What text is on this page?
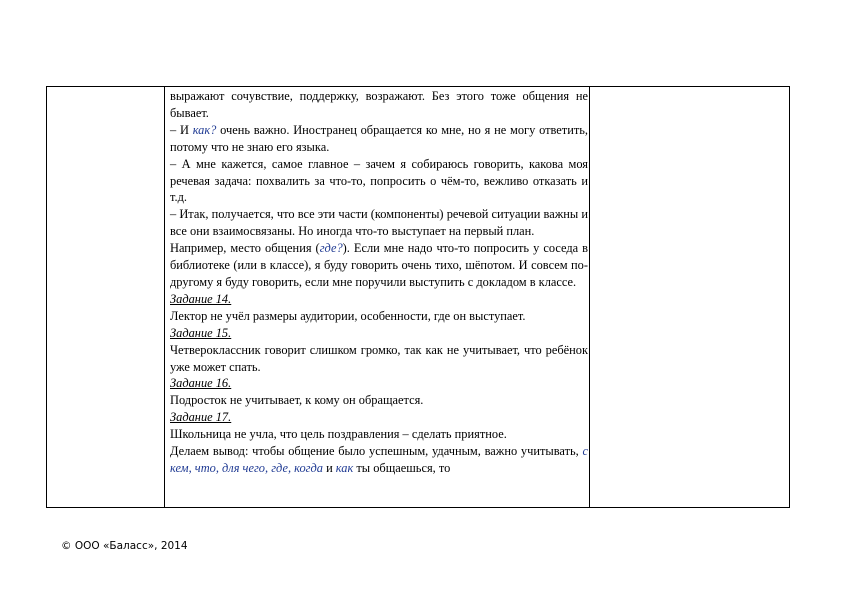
выражают сочувствие, поддержку, возражают. Без этого тоже общения не бывает.

– И как? очень важно. Иностранец обращается ко мне, но я не могу ответить, потому что не знаю его языка.

– А мне кажется, самое главное – зачем я собираюсь говорить, какова моя речевая задача: похвалить за что-то, попросить о чём-то, вежливо отказать и т.д.

– Итак, получается, что все эти части (компоненты) речевой ситуации важны и все они взаимосвязаны. Но иногда что-то выступает на первый план.

Например, место общения (где?). Если мне надо что-то попросить у соседа в библиотеке (или в классе), я буду говорить очень тихо, шёпотом. И совсем по-другому я буду говорить, если мне поручили выступить с докладом в классе.

Задание 14.

Лектор не учёл размеры аудитории, особенности, где он выступает.

Задание 15.

Четвероклассник говорит слишком громко, так как не учитывает, что ребёнок уже может спать.

Задание 16.

Подросток не учитывает, к кому он обращается.

Задание 17.

Школьница не учла, что цель поздравления – сделать приятное.

Делаем вывод: чтобы общение было успешным, удачным, важно учитывать, с кем, что, для чего, где, когда и как ты общаешься, то

© ООО «Баласс», 2014
